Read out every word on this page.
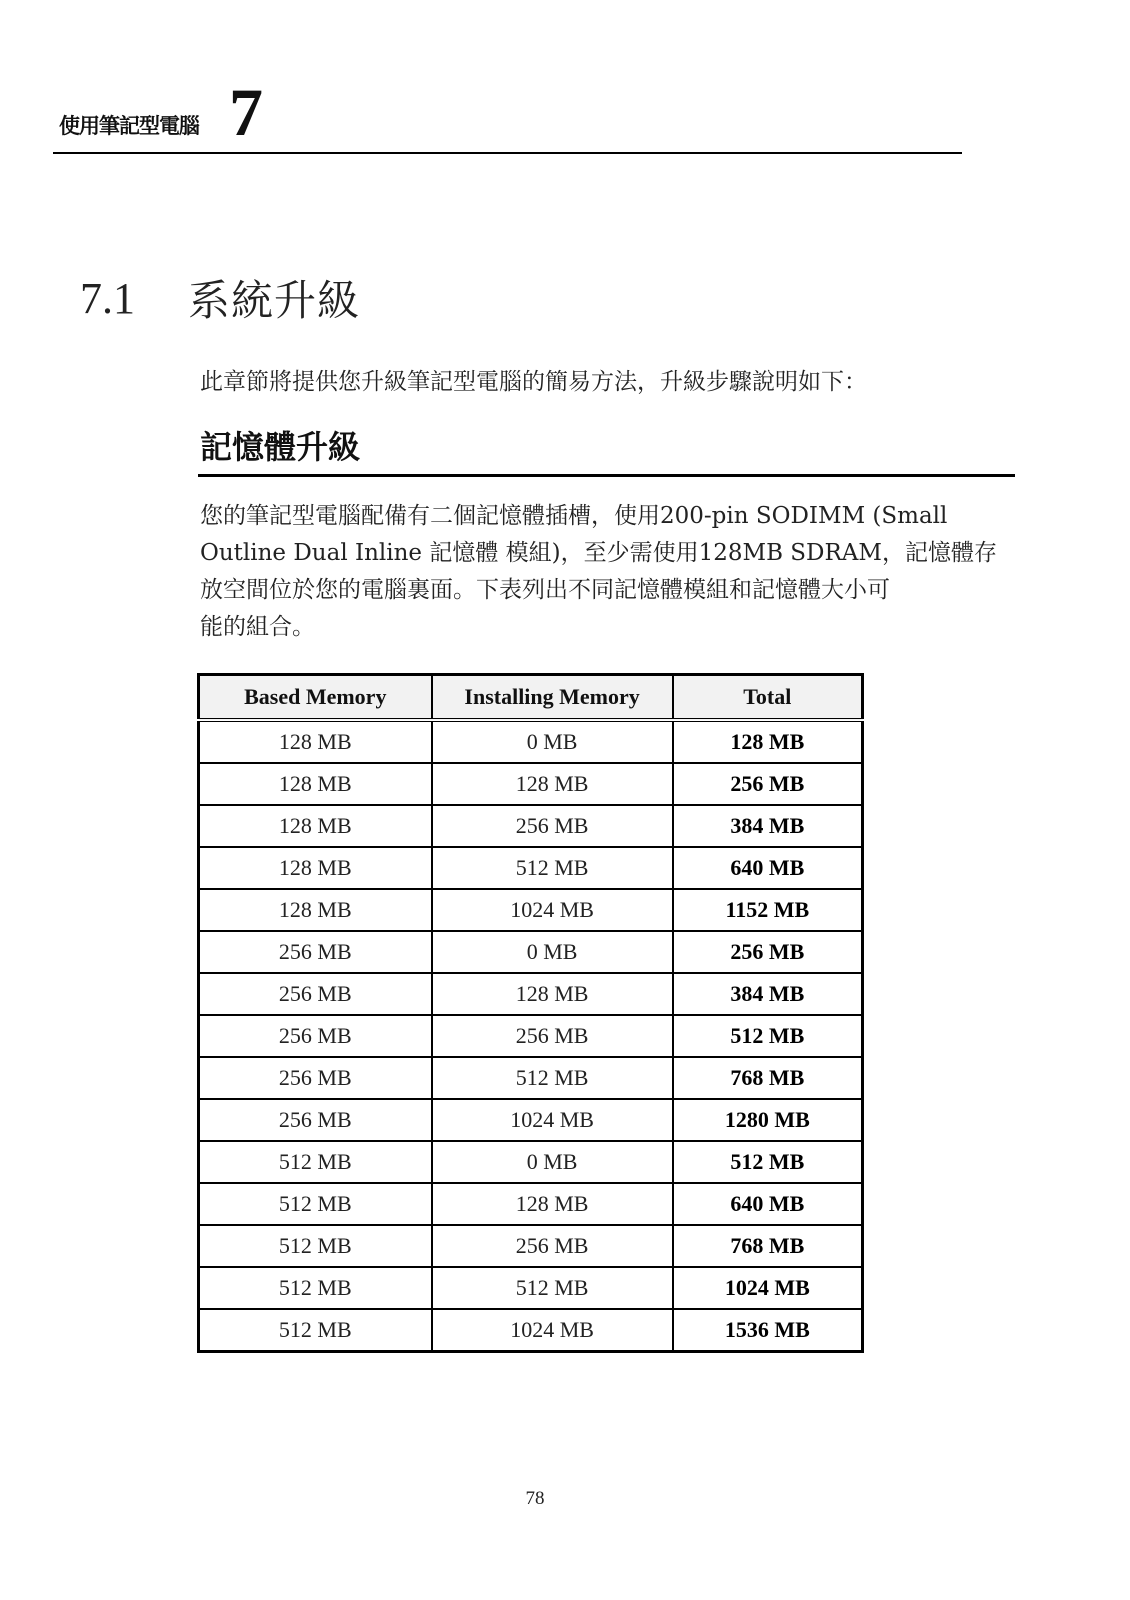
使用筆記型電腦 7
7.1	系統升級
此章節將提供您升級筆記型電腦的簡易方法，升級步驟說明如下：
記憶體升級
您的筆記型電腦配備有二個記憶體插槽，使用200-pin SODIMM (Small
Outline Dual Inline 記憶體 模組)，至少需使用128MB SDRAM，記憶體存
放空間位於您的電腦裏面。下表列出不同記憶體模組和記憶體大小可
能的組合。
Based Memory	Installing Memory	Total
128 MB	0 MB	128 MB
128 MB	128 MB	256 MB
128 MB	256 MB	384 MB
128 MB	512 MB	640 MB
128 MB	1024 MB	1152 MB
256 MB	0 MB	256 MB
256 MB	128 MB	384 MB
256 MB	256 MB	512 MB
256 MB	512 MB	768 MB
256 MB	1024 MB	1280 MB
512 MB	0 MB	512 MB
512 MB	128 MB	640 MB
512 MB	256 MB	768 MB
512 MB	512 MB	1024 MB
512 MB	1024 MB	1536 MB
78
